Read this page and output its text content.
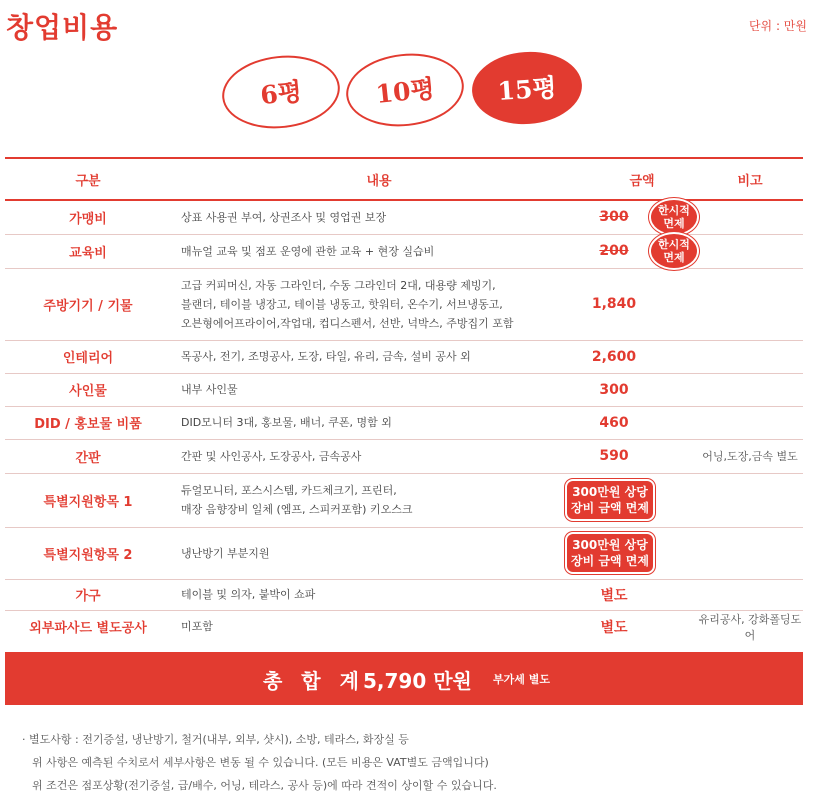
창업비용	단위 : 만원
6평	10평 15평
구분	내용	금액	비고
가맹비	상표 사용권 부여, 상권조사 및 영업권 보장	300 한시적
면제	

교육비	매뉴얼 교육 및 점포 운영에 관한 교육 + 현장 실습비	200 한시적
면제	

주방기기 / 기물	고급 커피머신, 자동 그라인더, 수동 그라인더 2대, 대용량 제빙기,
블랜더, 테이블 냉장고, 테이블 냉동고, 핫워터, 온수기, 서브냉동고,
오븐형에어프라이어,작업대, 컵디스펜서, 선반, 넉박스, 주방집기 포함	1,840	
인테리어	목공사, 전기, 조명공사, 도장, 타일, 유리, 금속, 설비 공사 외	2,600	
사인물	내부 사인물	300	
DID / 홍보물 비품	DID모니터 3대, 홍보물, 배너, 쿠폰, 명함 외	460	
간판	간판 및 사인공사, 도장공사, 금속공사	590	어닝,도장,금속 별도
특별지원항목 1	듀얼모니터, 포스시스템, 카드체크기, 프린터,
매장 음향장비 일체 (엠프, 스피커포함) 키오스크	300만원 상당
장비 금액 면제	

특별지원항목 2	냉난방기 부분지원	300만원 상당
장비 금액 면제	

가구	테이블 및 의자, 붙박이 쇼파	별도	
외부파사드 별도공사	미포함	별도	유리공사, 강화폴딩도어
총 합 계
5,790 만원 부가세 별도
· 별도사항 : 전기증설, 냉난방기, 철거(내부, 외부, 샷시), 소방, 테라스, 화장실 등
위 사항은 예측된 수치로서 세부사항은 변동 될 수 있습니다. (모든 비용은 VAT별도 금액입니다)
위 조건은 점포상황(전기증설, 급/배수, 어닝, 테라스, 공사 등)에 따라 견적이 상이할 수 있습니다.
